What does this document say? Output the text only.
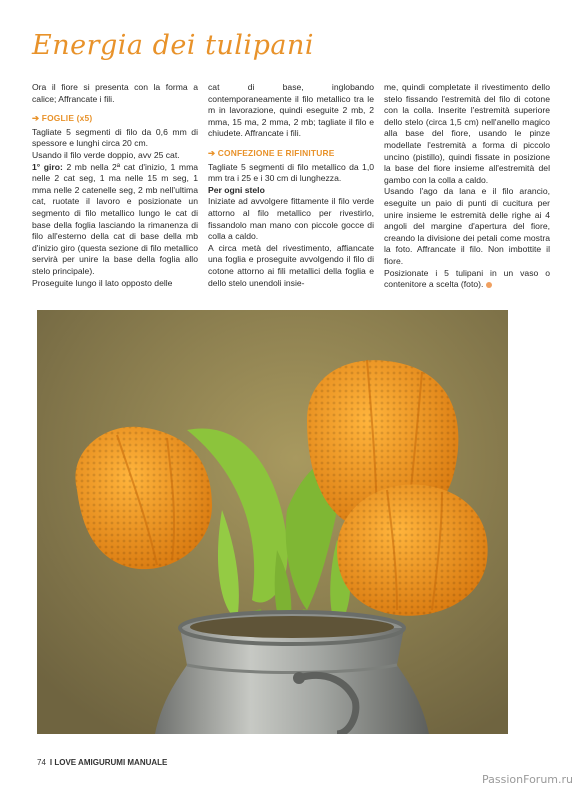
Energia dei tulipani

Ora il fiore si presenta con la forma a calice; Affrancate i fili.

➔ FOGLIE (x5)

Tagliate 5 segmenti di filo da 0,6 mm di spessore e lunghi circa 20 cm.

Usando il filo verde doppio, avv 25 cat.

1° giro: 2 mb nella 2ª cat d'inizio, 1 mma nelle 2 cat seg, 1 ma nelle 15 m seg, 1 mma nelle 2 catenelle seg, 2 mb nell'ultima cat, ruotate il lavoro e posizionate un segmento di filo metallico lungo le cat di base della foglia lasciando la rimanenza di filo all'esterno della cat di base della mb d'inizio giro (questa sezione di filo metallico servirà per unire la base della foglia allo stelo principale).

Proseguite lungo il lato opposto delle

cat di base, inglobando contemporaneamente il filo metallico tra le m in lavorazione, quindi eseguite 2 mb, 2 mma, 15 ma, 2 mma, 2 mb; tagliate il filo e chiudete. Affrancate i fili.

➔ CONFEZIONE E RIFINITURE

Tagliate 5 segmenti di filo metallico da 1,0 mm tra i 25 e i 30 cm di lunghezza.

Per ogni stelo

Iniziate ad avvolgere fittamente il filo verde attorno al filo metallico per rivestirlo, fissandolo man mano con piccole gocce di colla a caldo.

A circa metà del rivestimento, affiancate una foglia e proseguite avvolgendo il filo di cotone attorno ai fili metallici della foglia e dello stelo unendoli insie-

me, quindi completate il rivestimento dello stelo fissando l'estremità del filo di cotone con la colla. Inserite l'estremità superiore dello stelo (circa 1,5 cm) nell'anello magico alla base del fiore, usando le pinze modellate l'estremità a forma di piccolo uncino (pistillo), quindi fissate in posizione la base del fiore insieme all'estremità del gambo con la colla a caldo.

Usando l'ago da lana e il filo arancio, eseguite un paio di punti di cucitura per unire insieme le estremità delle righe ai 4 angoli del margine d'apertura del fiore, creando la divisione dei petali come mostra la foto. Affrancate il filo. Non imbottite il fiore.

Posizionate i 5 tulipani in un vaso o contenitore a scelta (foto).

74 I LOVE AMIGURUMI MANUALE
PassionForum.ru
